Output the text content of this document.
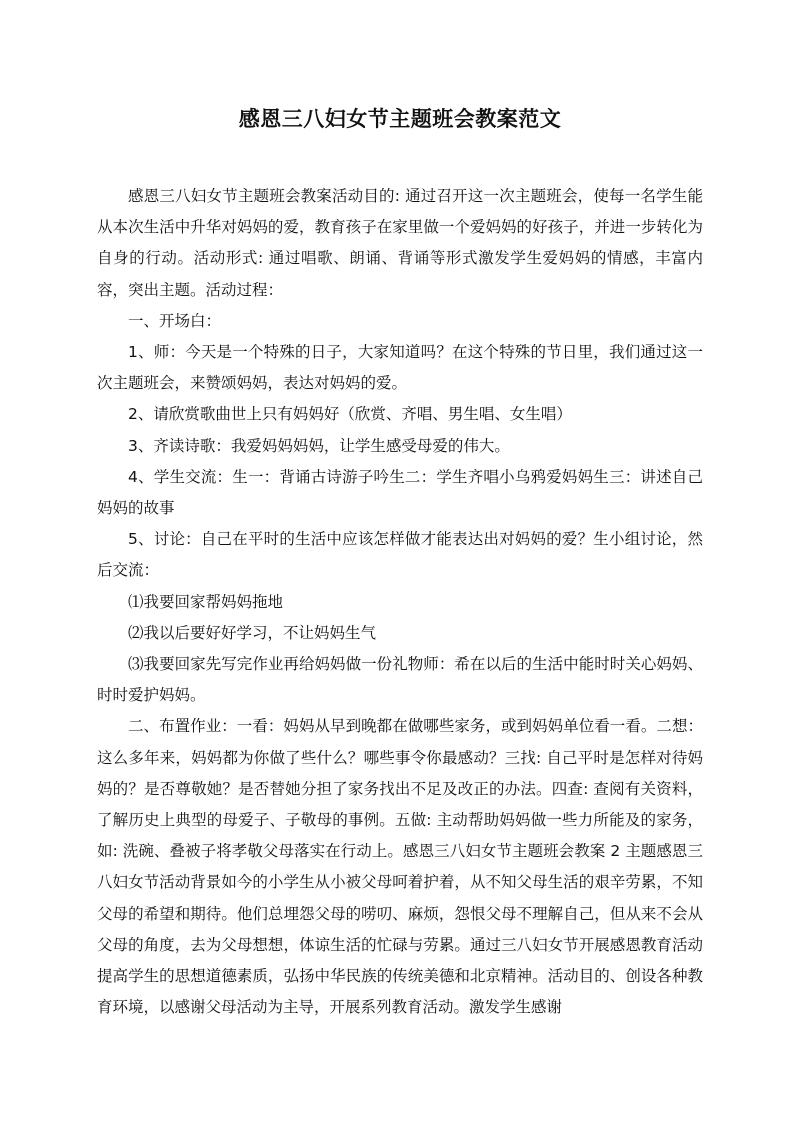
感恩三八妇女节主题班会教案范文

感恩三八妇女节主题班会教案活动目的: 通过召开这一次主题班会，使每一名学生能从本次生活中升华对妈妈的爱，教育孩子在家里做一个爱妈妈的好孩子，并进一步转化为自身的行动。活动形式: 通过唱歌、朗诵、背诵等形式激发学生爱妈妈的情感，丰富内容，突出主题。活动过程：

一、开场白：

1、师：今天是一个特殊的日子，大家知道吗？在这个特殊的节日里，我们通过这一次主题班会，来赞颂妈妈，表达对妈妈的爱。

2、请欣赏歌曲世上只有妈妈好（欣赏、齐唱、男生唱、女生唱）

3、齐读诗歌：我爱妈妈妈妈，让学生感受母爱的伟大。

4、学生交流：生一：背诵古诗游子吟生二：学生齐唱小乌鸦爱妈妈生三：讲述自己妈妈的故事

5、讨论：自己在平时的生活中应该怎样做才能表达出对妈妈的爱？生小组讨论，然后交流：

⑴我要回家帮妈妈拖地

⑵我以后要好好学习，不让妈妈生气

⑶我要回家先写完作业再给妈妈做一份礼物师：希在以后的生活中能时时关心妈妈、时时爱护妈妈。

二、布置作业：一看：妈妈从早到晚都在做哪些家务，或到妈妈单位看一看。二想：这么多年来，妈妈都为你做了些什么？哪些事令你最感动？三找: 自己平时是怎样对待妈妈的？是否尊敬她？是否替她分担了家务找出不足及改正的办法。四查: 查阅有关资料，了解历史上典型的母爱子、子敬母的事例。五做: 主动帮助妈妈做一些力所能及的家务，如: 洗碗、叠被子将孝敬父母落实在行动上。感恩三八妇女节主题班会教案 2 主题感恩三八妇女节活动背景如今的小学生从小被父母呵着护着，从不知父母生活的艰辛劳累，不知父母的希望和期待。他们总埋怨父母的唠叨、麻烦，怨恨父母不理解自己，但从来不会从父母的角度，去为父母想想，体谅生活的忙碌与劳累。通过三八妇女节开展感恩教育活动提高学生的思想道德素质，弘扬中华民族的传统美德和北京精神。活动目的、创设各种教育环境，以感谢父母活动为主导，开展系列教育活动。激发学生感谢
